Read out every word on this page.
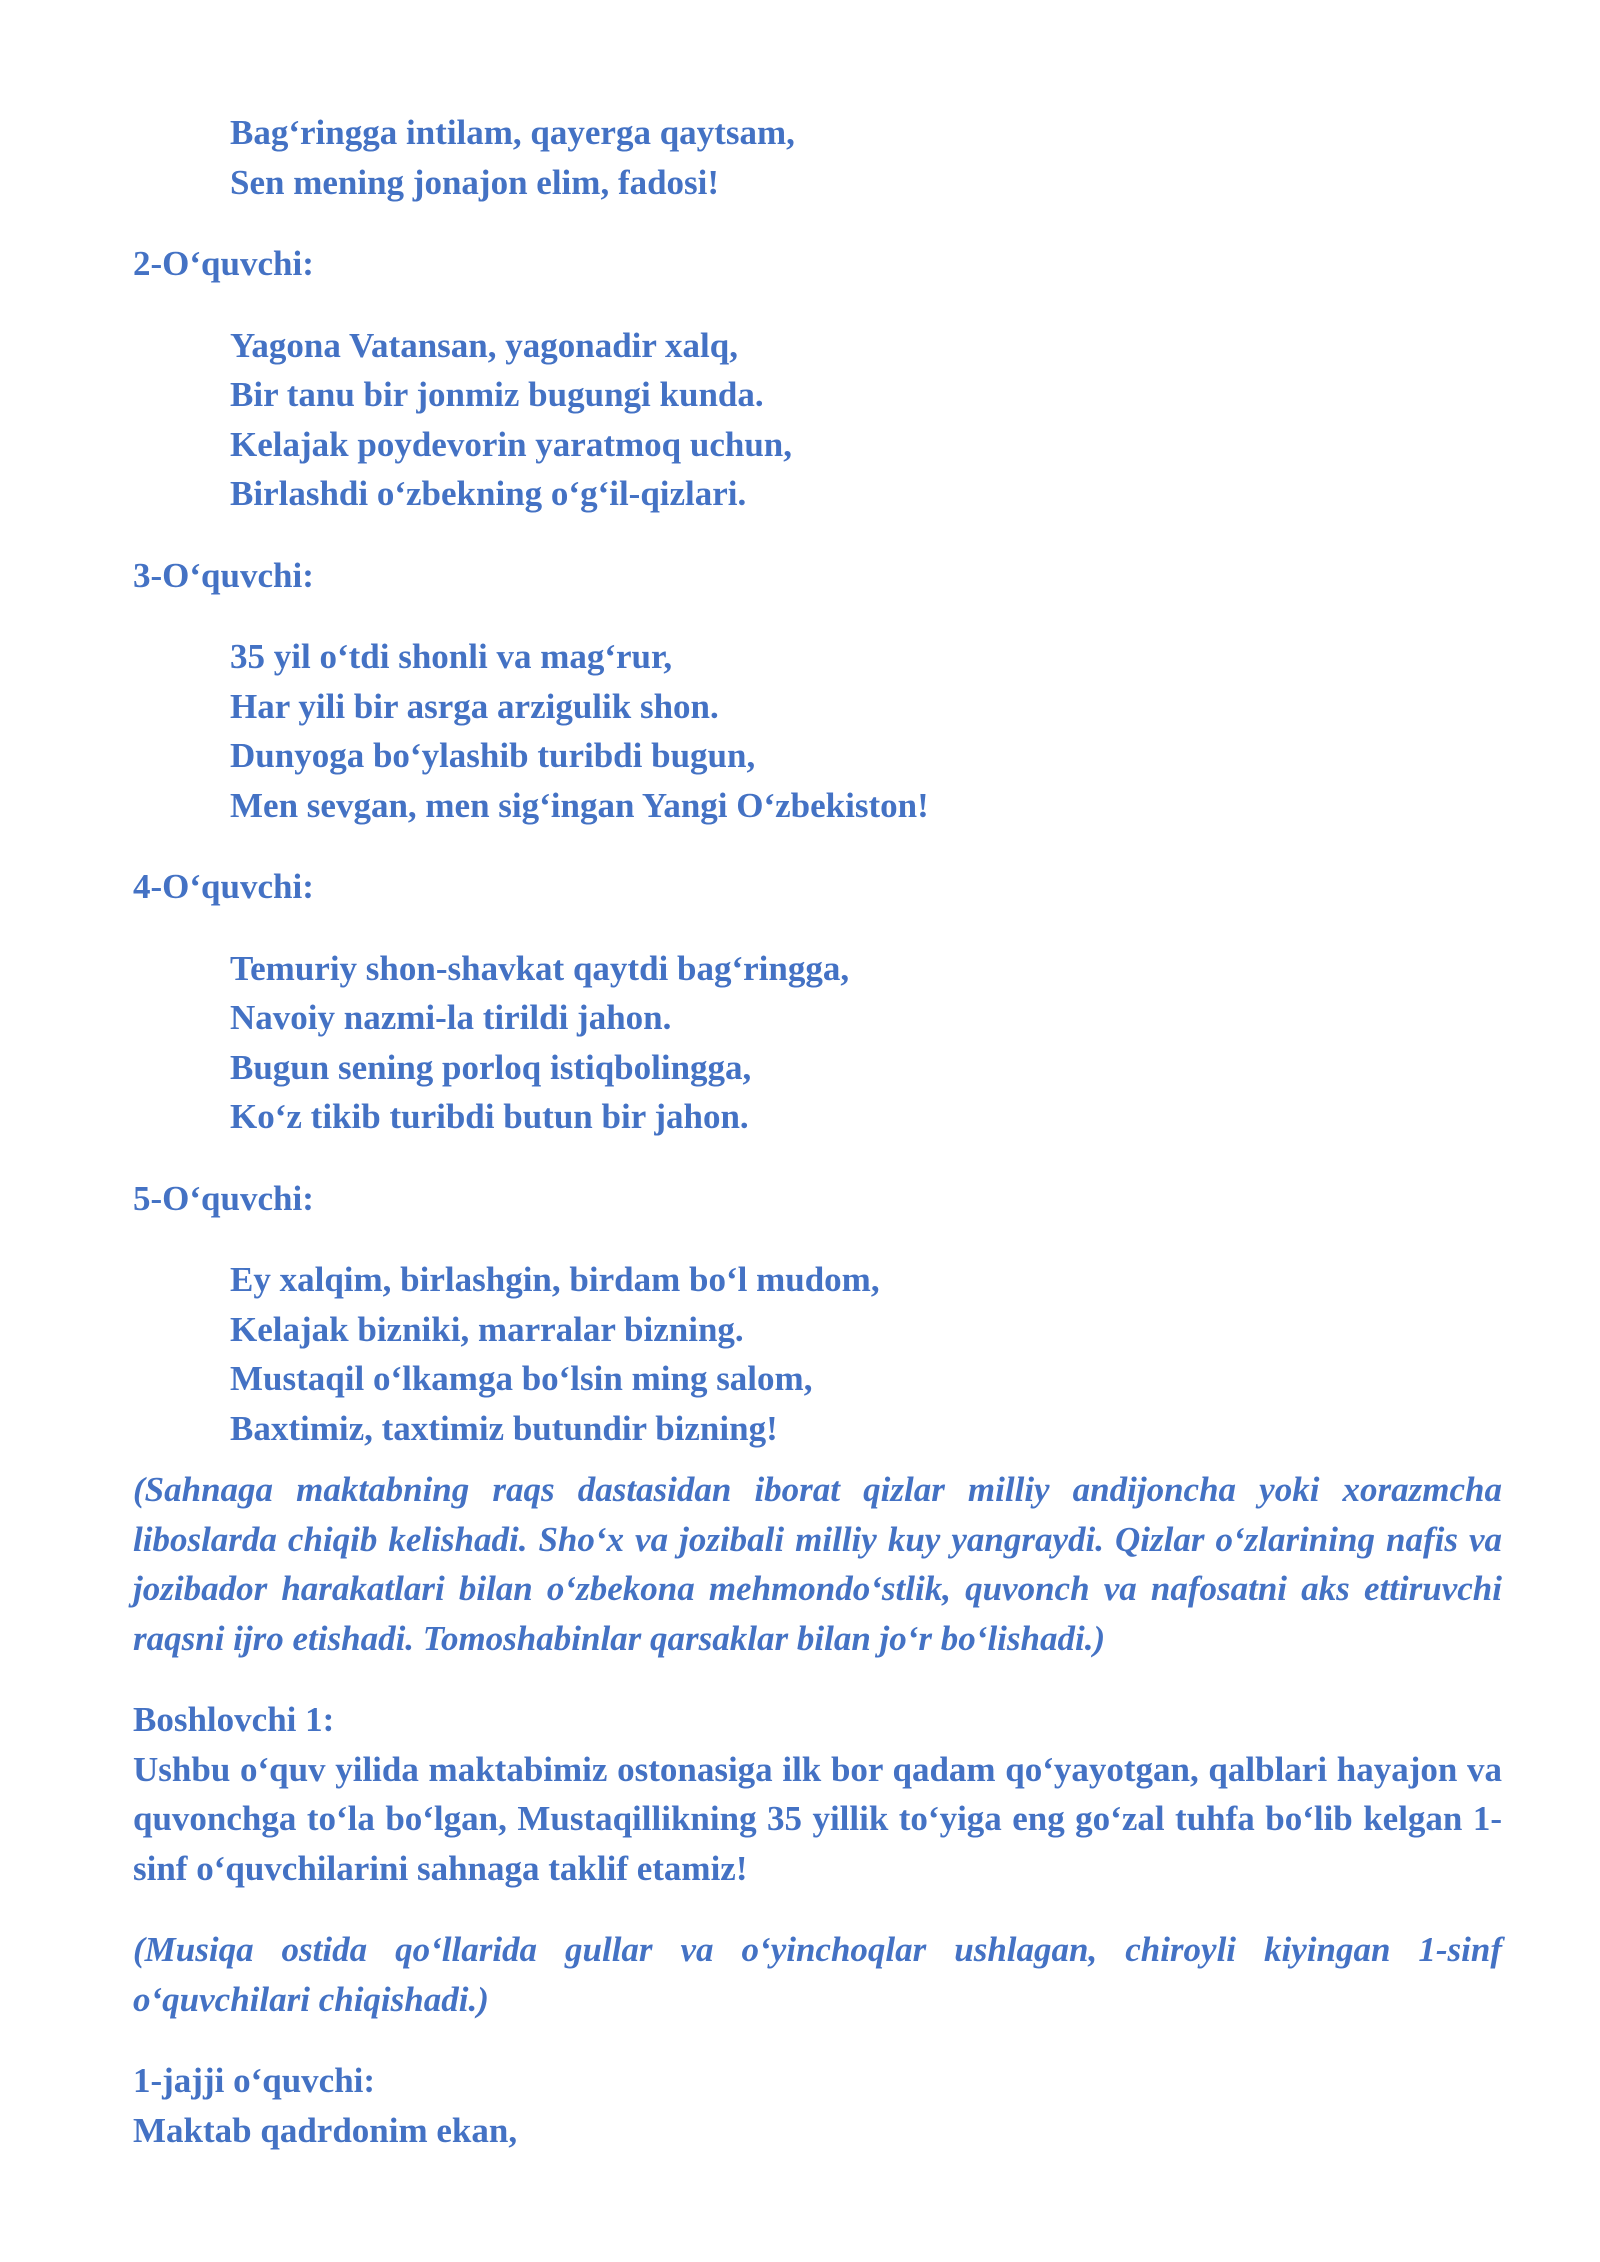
Bag‘ringga intilam, qayerga qaytsam,
Sen mening jonajon elim, fadosi!
2-O‘quvchi:
Yagona Vatansan, yagonadir xalq,
Bir tanu bir jonmiz bugungi kunda.
Kelajak poydevorin yaratmoq uchun,
Birlashdi o‘zbekning o‘g‘il-qizlari.
3-O‘quvchi:
35 yil o‘tdi shonli va mag‘rur,
Har yili bir asrga arzigulik shon.
Dunyoga bo‘ylashib turibdi bugun,
Men sevgan, men sig‘ingan Yangi O‘zbekiston!
4-O‘quvchi:
Temuriy shon-shavkat qaytdi bag‘ringga,
Navoiy nazmi-la tirildi jahon.
Bugun sening porloq istiqbolingga,
Ko‘z tikib turibdi butun bir jahon.
5-O‘quvchi:
Ey xalqim, birlashgin, birdam bo‘l mudom,
Kelajak bizniki, marralar bizning.
Mustaqil o‘lkamga bo‘lsin ming salom,
Baxtimiz, taxtimiz butundir bizning!
(Sahnaga maktabning raqs dastasidan iborat qizlar milliy andijoncha yoki xorazmcha liboslarda chiqib kelishadi. Sho‘x va jozibali milliy kuy yangraydi. Qizlar o‘zlarining nafis va jozibador harakatlari bilan o‘zbekona mehmondo‘stlik, quvonch va nafosatni aks ettiruvchi raqsni ijro etishadi. Tomoshabinlar qarsaklar bilan jo‘r bo‘lishadi.)
Boshlovchi 1:
Ushbu o‘quv yilida maktabimiz ostonasiga ilk bor qadam qo‘yayotgan, qalblari hayajon va quvonchga to‘la bo‘lgan, Mustaqillikning 35 yillik to‘yiga eng go‘zal tuhfa bo‘lib kelgan 1-sinf o‘quvchilarini sahnaga taklif etamiz!
(Musiqa ostida qo‘llarida gullar va o‘yinchoqlar ushlagan, chiroyli kiyingan 1-sinf o‘quvchilari chiqishadi.)
1-jajji o‘quvchi:
Maktab qadrdonim ekan,
